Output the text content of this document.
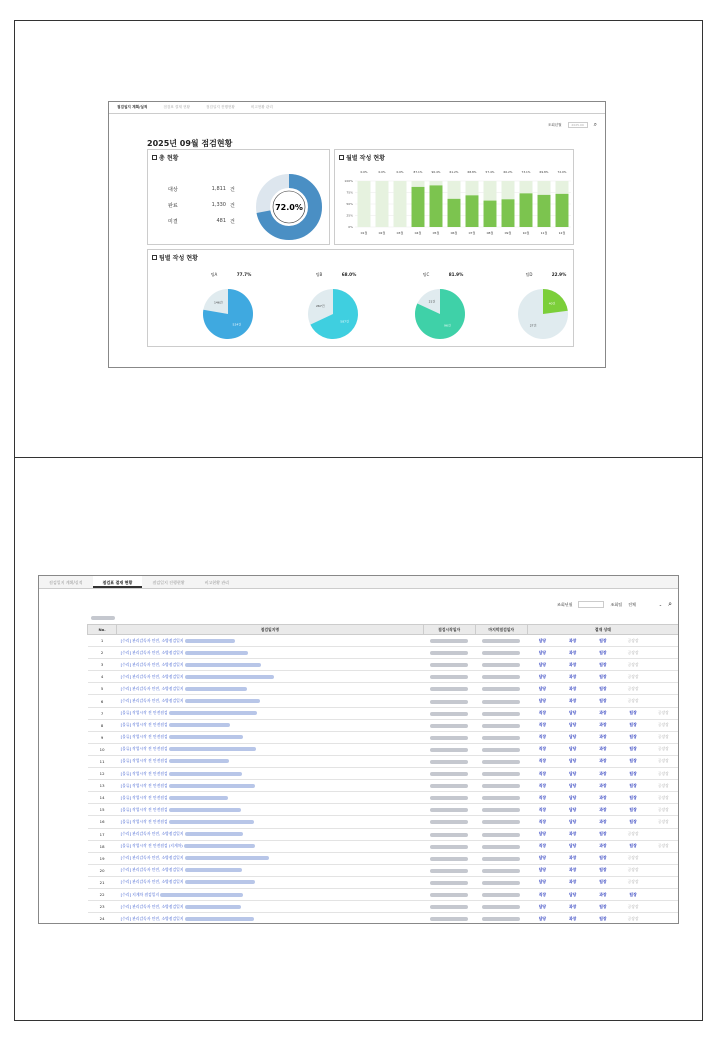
점검일지 계획/실적	점검표 결재 현황	점검일지 진행현황	비고현황 관리
조회년월	2025.09	⌕
2025년 09월 점검현황
총 현황
대상	1,811 건
완료	1,330 건
미결	481 건
72.0%
월별 작성 현황
100%
75%
50%
25%
0%
0.0%
01월
0.0%
02월
0.0%
03월
87.1%
04월
90.4%
05월
61.2%
06월
68.8%
07월
57.4%
08월
60.2%
09월
73.1%
10월
69.8%
11월
72.0%
12월
팀별 작성 현황
팀A	77.7%
524건
146건
팀B	68.0%
587건
267건
팀C	81.9%
96건
21건
팀D	22.9%
40건
27건
점검일지 계획/실적	점검표 결재 현황	점검일지 진행현황	비고현황 관리
조회년월	조회팀 전체	⌄ ⌕
No.	점검일지명	점검시작일자	마지막점검일자	결재 상태				
1	[수리] 관리감독자 안전, 소방점검일지			담당	과장	팀장	공장장	
2	[수리] 관리감독자 안전, 소방점검일지			담당	과장	팀장	공장장	
3	[수리] 관리감독자 안전, 소방점검일지			담당	과장	팀장	공장장	
4	[수리] 관리감독자 안전, 소방점검일지			담당	과장	팀장	공장장	
5	[수리] 관리감독자 안전, 소방점검일지			담당	과장	팀장	공장장	
6	[수리] 관리감독자 안전, 소방점검일지			담당	과장	팀장	공장장	
7	[물류] 작업시작 전 안전점검			직장	담당	과장	팀장	공장장
8	[물류] 작업시작 전 안전점검			직장	담당	과장	팀장	공장장
9	[물류] 작업시작 전 안전점검			직장	담당	과장	팀장	공장장
10	[물류] 작업시작 전 안전점검			직장	담당	과장	팀장	공장장
11	[물류] 작업시작 전 안전점검			직장	담당	과장	팀장	공장장
12	[물류] 작업시작 전 안전점검			직장	담당	과장	팀장	공장장
13	[물류] 작업시작 전 안전점검			직장	담당	과장	팀장	공장장
14	[물류] 작업시작 전 안전점검			직장	담당	과장	팀장	공장장
15	[물류] 작업시작 전 안전점검			직장	담당	과장	팀장	공장장
16	[물류] 작업시작 전 안전점검			직장	담당	과장	팀장	공장장
17	[수리] 관리감독자 안전, 소방점검일지			담당	과장	팀장	공장장	
18	[물류] 작업시작 전 안전점검 (지게차)			직장	담당	과장	팀장	공장장
19	[수리] 관리감독자 안전, 소방점검일지			담당	과장	팀장	공장장	
20	[수리] 관리감독자 안전, 소방점검일지			담당	과장	팀장	공장장	
21	[수리] 관리감독자 안전, 소방점검일지			담당	과장	팀장	공장장	
22	[수리] 지게차 점검일지			직장	담당	과장	팀장	
23	[수리] 관리감독자 안전, 소방점검일지			담당	과장	팀장	공장장	
24	[수리] 관리감독자 안전, 소방점검일지			담당	과장	팀장	공장장	
